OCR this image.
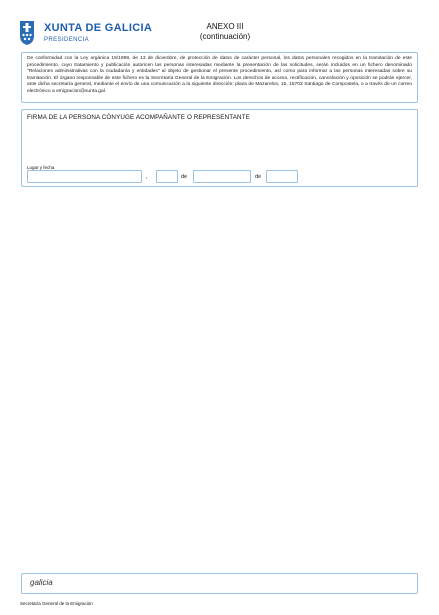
XUNTA DE GALICIA
PRESIDENCIA
ANEXO III
(continuación)
De conformidad con la Ley orgánica 15/1999, de 13 de diciembre, de protección de datos de carácter personal, los datos personales recogidos en la tramitación de este procedimiento, cuyo tratamiento y publicación autoricen las personas interesadas mediante la presentación de las solicitudes, serán incluidos en un fichero denominado "Relaciones administrativas con la ciudadanía y entidades" al objeto de gestionar el presente procedimiento, así como para informar a las personas interesadas sobre su tramitación. El órgano responsable de este fichero es la Secretaría General de la Emigración. Los derechos de acceso, rectificación, cancelación y oposición se podrán ejercer, ante dicha secretaría general, mediante el envío de una comunicación a la siguiente dirección: plaza de Mazarelos, 15, 15703 Santiago de Compostela, o a través de un correo electrónico a emigracion@xunta.gal.
FIRMA DE LA PERSONA CÓNYUGE ACOMPAÑANTE O REPRESENTANTE
Lugar y fecha
,	de	de
galicia
Secretaría General de la Emigración
